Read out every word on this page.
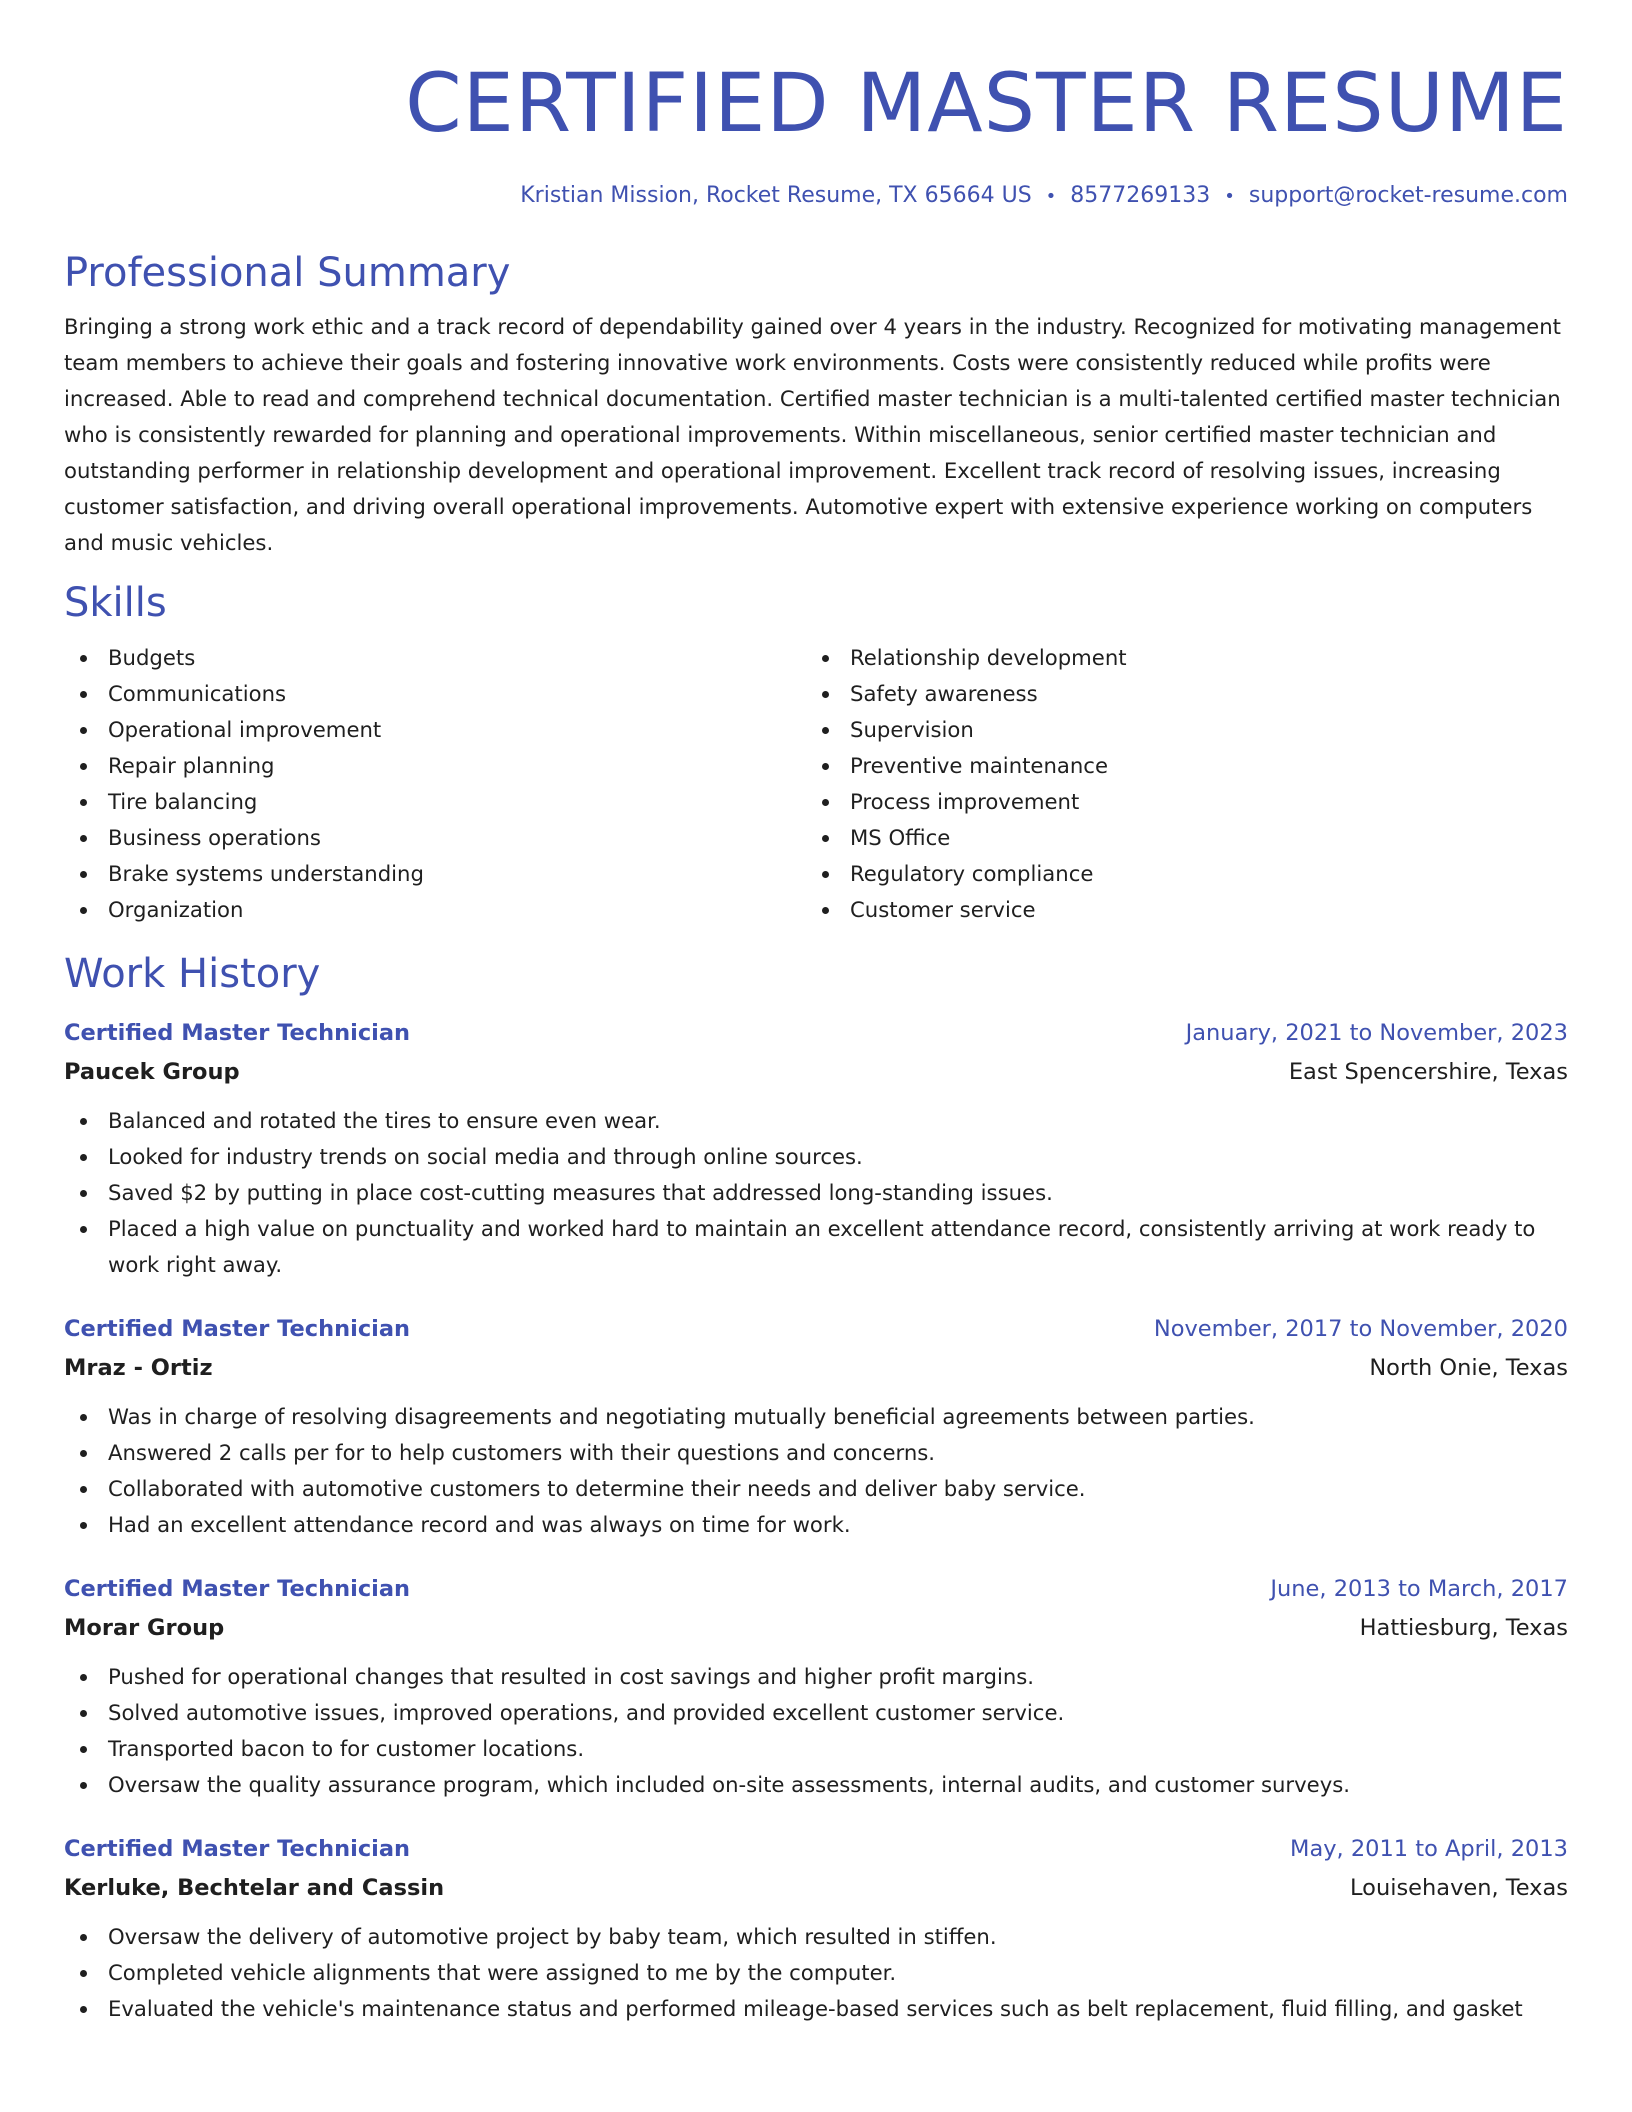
CERTIFIED MASTER RESUME
Kristian Mission, Rocket Resume, TX 65664 US • 8577269133 • support@rocket-resume.com
Professional Summary

Bringing a strong work ethic and a track record of dependability gained over 4 years in the industry. Recognized for motivating management team members to achieve their goals and fostering innovative work environments. Costs were consistently reduced while profits were increased. Able to read and comprehend technical documentation. Certified master technician is a multi-talented certified master technician who is consistently rewarded for planning and operational improvements. Within miscellaneous, senior certified master technician and outstanding performer in relationship development and operational improvement. Excellent track record of resolving issues, increasing customer satisfaction, and driving overall operational improvements. Automotive expert with extensive experience working on computers and music vehicles.

Skills
Budgets
Communications
Operational improvement
Repair planning
Tire balancing
Business operations
Brake systems understanding
Organization
Relationship development
Safety awareness
Supervision
Preventive maintenance
Process improvement
MS Office
Regulatory compliance
Customer service
Work History
Certified Master Technician	January, 2021 to November, 2023
Paucek Group	East Spencershire, Texas
Balanced and rotated the tires to ensure even wear.
Looked for industry trends on social media and through online sources.
Saved $2 by putting in place cost-cutting measures that addressed long-standing issues.
Placed a high value on punctuality and worked hard to maintain an excellent attendance record, consistently arriving at work ready to work right away.
Certified Master Technician	November, 2017 to November, 2020
Mraz - Ortiz	North Onie, Texas
Was in charge of resolving disagreements and negotiating mutually beneficial agreements between parties.
Answered 2 calls per for to help customers with their questions and concerns.
Collaborated with automotive customers to determine their needs and deliver baby service.
Had an excellent attendance record and was always on time for work.
Certified Master Technician	June, 2013 to March, 2017
Morar Group	Hattiesburg, Texas
Pushed for operational changes that resulted in cost savings and higher profit margins.
Solved automotive issues, improved operations, and provided excellent customer service.
Transported bacon to for customer locations.
Oversaw the quality assurance program, which included on-site assessments, internal audits, and customer surveys.
Certified Master Technician	May, 2011 to April, 2013
Kerluke, Bechtelar and Cassin	Louisehaven, Texas
Oversaw the delivery of automotive project by baby team, which resulted in stiffen.
Completed vehicle alignments that were assigned to me by the computer.
Evaluated the vehicle's maintenance status and performed mileage-based services such as belt replacement, fluid filling, and gasket
